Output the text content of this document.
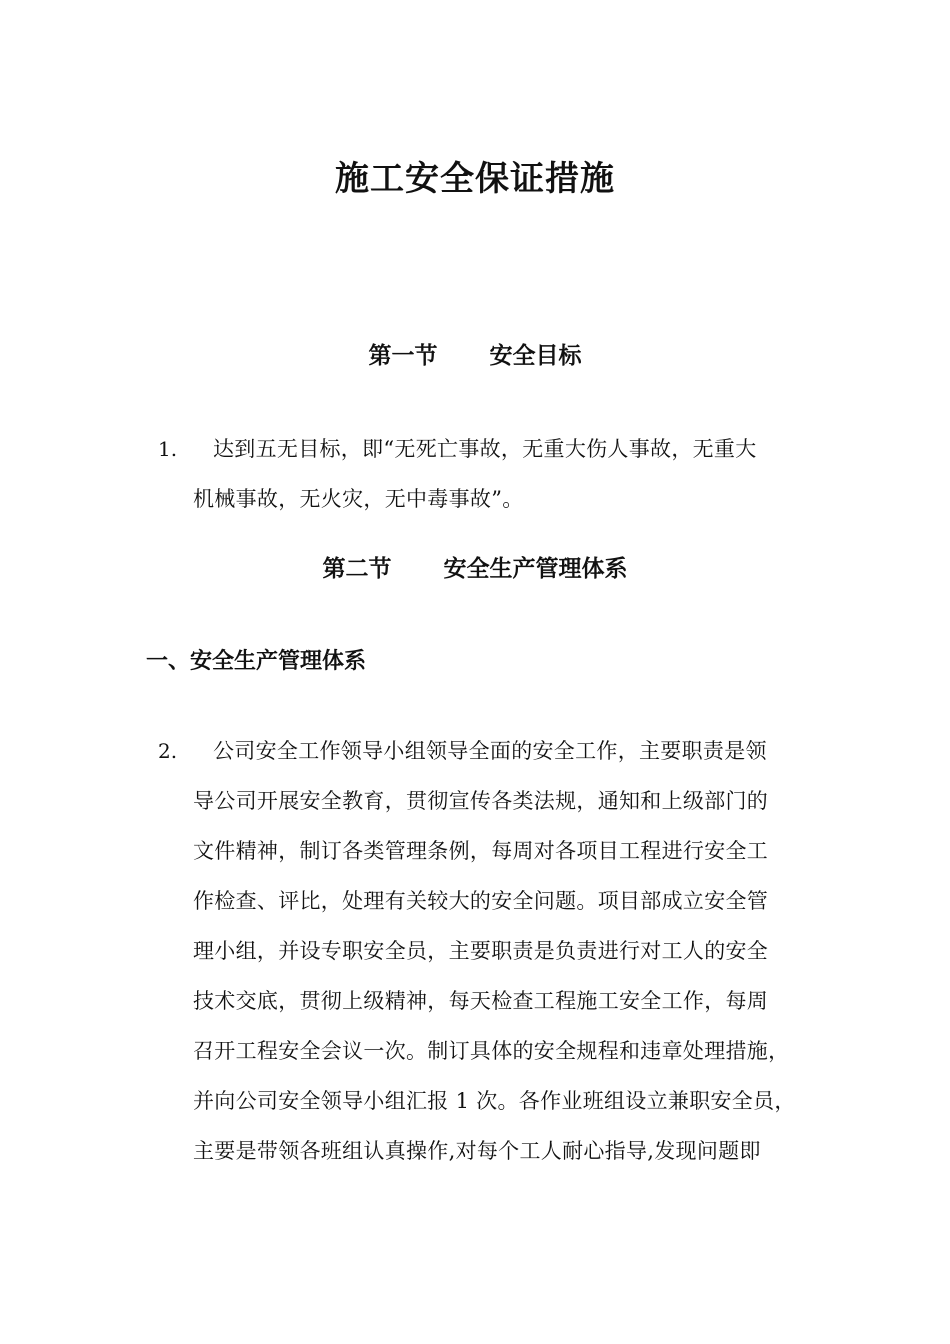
施工安全保证措施
第一节 安全目标
1.	达到五无目标，即“无死亡事故，无重大伤人事故，无重大
机械事故，无火灾，无中毒事故”。
第二节 安全生产管理体系
一、安全生产管理体系
2.	公司安全工作领导小组领导全面的安全工作，主要职责是领
导公司开展安全教育，贯彻宣传各类法规，通知和上级部门的
文件精神，制订各类管理条例，每周对各项目工程进行安全工
作检查、评比，处理有关较大的安全问题。项目部成立安全管
理小组，并设专职安全员，主要职责是负责进行对工人的安全
技术交底，贯彻上级精神，每天检查工程施工安全工作，每周
召开工程安全会议一次。制订具体的安全规程和违章处理措施，
并向公司安全领导小组汇报 1 次。各作业班组设立兼职安全员，
主要是带领各班组认真操作,对每个工人耐心指导,发现问题即
